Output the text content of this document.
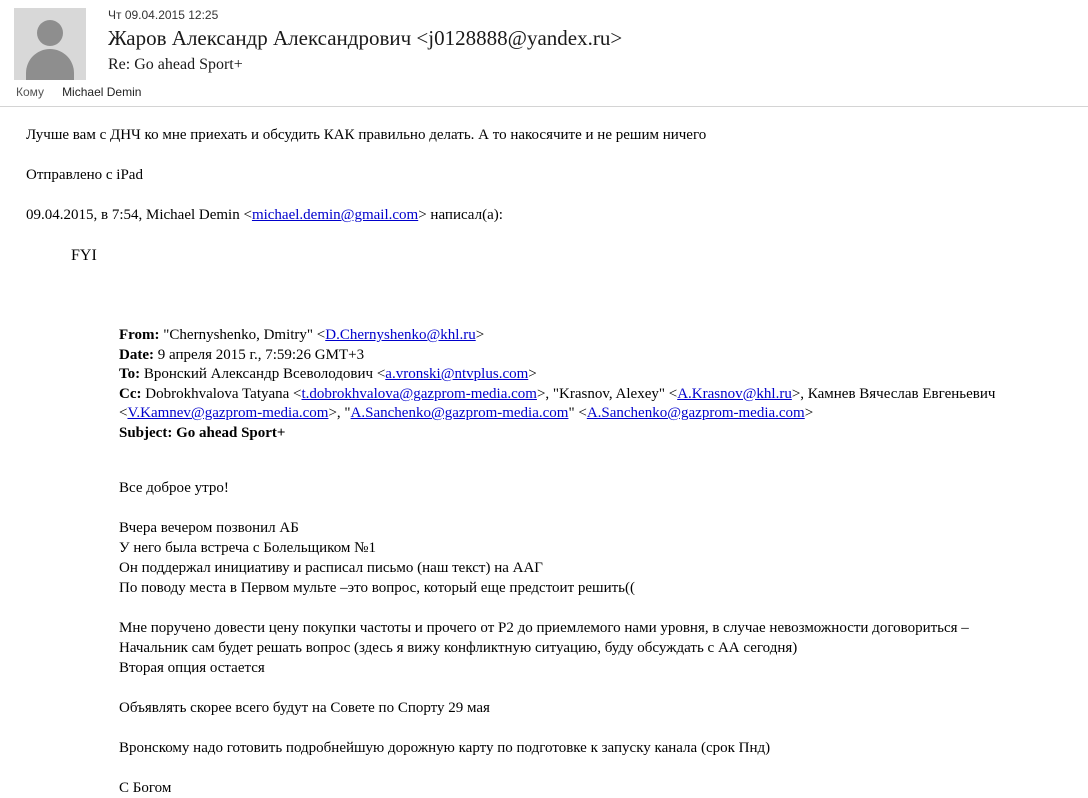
Чт 09.04.2015 12:25
Жаров Александр Александрович <j0128888@yandex.ru>
Re: Go ahead Sport+
Кому Michael Demin
Лучше вам с ДНЧ ко мне приехать и обсудить КАК правильно делать. А то накосячите и не решим ничего
Отправлено с iPad
09.04.2015, в 7:54, Michael Demin <michael.demin@gmail.com> написал(а):
FYI
From: "Chernyshenko, Dmitry" <D.Chernyshenko@khl.ru>
Date: 9 апреля 2015 г., 7:59:26 GMT+3
To: Вронский Александр Всеволодович <a.vronski@ntvplus.com>
Cc: Dobrokhvalova Tatyana <t.dobrokhvalova@gazprom-media.com>, "Krasnov, Alexey" <A.Krasnov@khl.ru>, Камнев Вячеслав Евгеньевич <V.Kamnev@gazprom-media.com>, "A.Sanchenko@gazprom-media.com" <A.Sanchenko@gazprom-media.com>
Subject: Go ahead Sport+

Все доброе утро!

Вчера вечером позвонил АБ

У него была встреча с Болельщиком №1

Он поддержал инициативу и расписал письмо (наш текст) на ААГ

По поводу места в Первом мульте –это вопрос, который еще предстоит решить((

Мне поручено довести цену покупки частоты и прочего от Р2 до приемлемого нами уровня, в случае невозможности договориться –

Начальник сам будет решать вопрос (здесь я вижу конфликтную ситуацию, буду обсуждать с АА сегодня)

Вторая опция остается

Объявлять скорее всего будут на Совете по Спорту 29 мая

Вронскому надо готовить подробнейшую дорожную карту по подготовке к запуску канала (срок Пнд)

С Богом
